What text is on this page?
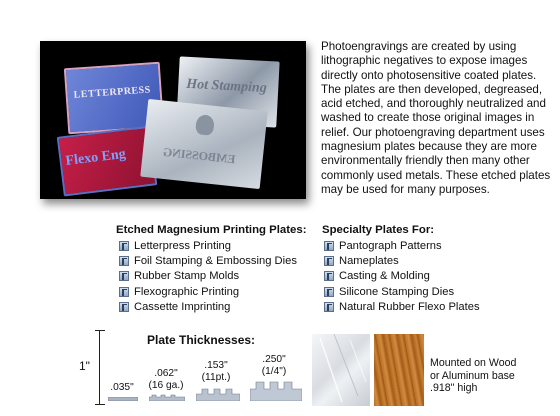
LETTERPRESS Hot Stamping
Flexo Eng	EMBOSSING
Photoengravings are created by using lithographic negatives to expose images directly onto photosensitive coated plates. The plates are then developed, degreased, acid etched, and thoroughly neutralized and washed to create those original images in relief. Our photoengraving department uses magnesium plates because they are more environmentally friendly then many other commonly used metals. These etched plates may be used for many purposes.
Etched Magnesium Printing Plates:
Letterpress Printing
Foil Stamping & Embossing Dies
Rubber Stamp Molds
Flexographic Printing
Cassette Imprinting
Specialty Plates For:
Pantograph Patterns
Nameplates
Casting & Molding
Silicone Stamping Dies
Natural Rubber Flexo Plates
Plate Thicknesses:
1"
.035"
.062"
(16 ga.)
.153"
(11pt.)
.250"
(1/4")
Mounted on Wood
or Aluminum base
.918" high
